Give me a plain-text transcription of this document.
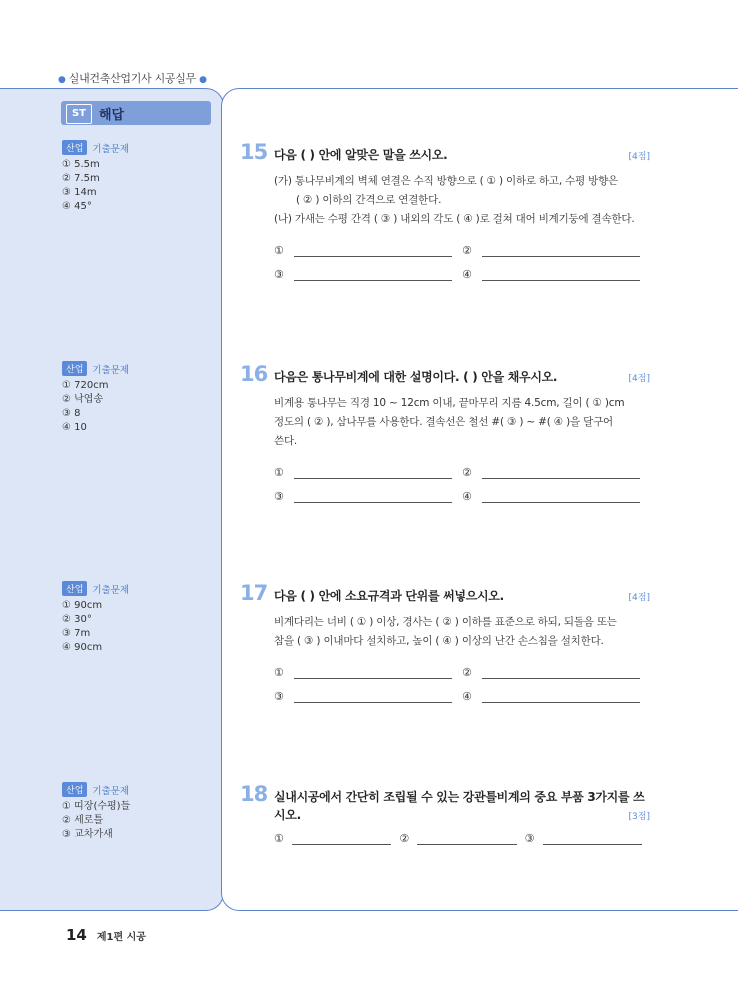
● 실내건축산업기사 시공실무 ●
ST 해답
산업 기출문제
① 5.5m
② 7.5m
③ 14m
④ 45°
산업 기출문제
① 720cm
② 낙엽송
③ 8
④ 10
산업 기출문제
① 90cm
② 30°
③ 7m
④ 90cm
산업 기출문제
① 띠장(수평)들
② 세로틀
③ 교차가새
15 다음 ( ) 안에 알맞은 말을 쓰시오.	[4점]
(가) 통나무비계의 벽체 연결은 수직 방향으로 ( ① ) 이하로 하고, 수평 방향은
( ② ) 이하의 간격으로 연결한다.
(나) 가새는 수평 간격 ( ③ ) 내외의 각도 ( ④ )로 걸쳐 대어 비계기둥에 결속한다.
①	②
③	④
16 다음은 통나무비계에 대한 설명이다. ( ) 안을 채우시오.	[4점]
비계용 통나무는 직경 10 ~ 12cm 이내, 끝마무리 지름 4.5cm, 길이 ( ① )cm
정도의 ( ② ), 삼나무를 사용한다. 결속선은 철선 #( ③ ) ~ #( ④ )을 달구어
쓴다.
①	②
③	④
17 다음 ( ) 안에 소요규격과 단위를 써넣으시오.	[4점]
비계다리는 너비 ( ① ) 이상, 경사는 ( ② ) 이하를 표준으로 하되, 되돌음 또는
참을 ( ③ ) 이내마다 설치하고, 높이 ( ④ ) 이상의 난간 손스침을 설치한다.
①	②
③	④
18 실내시공에서 간단히 조립될 수 있는 강관틀비계의 중요 부품 3가지를 쓰
시오.	[3점]
①	②	③
14 제1편 시공
